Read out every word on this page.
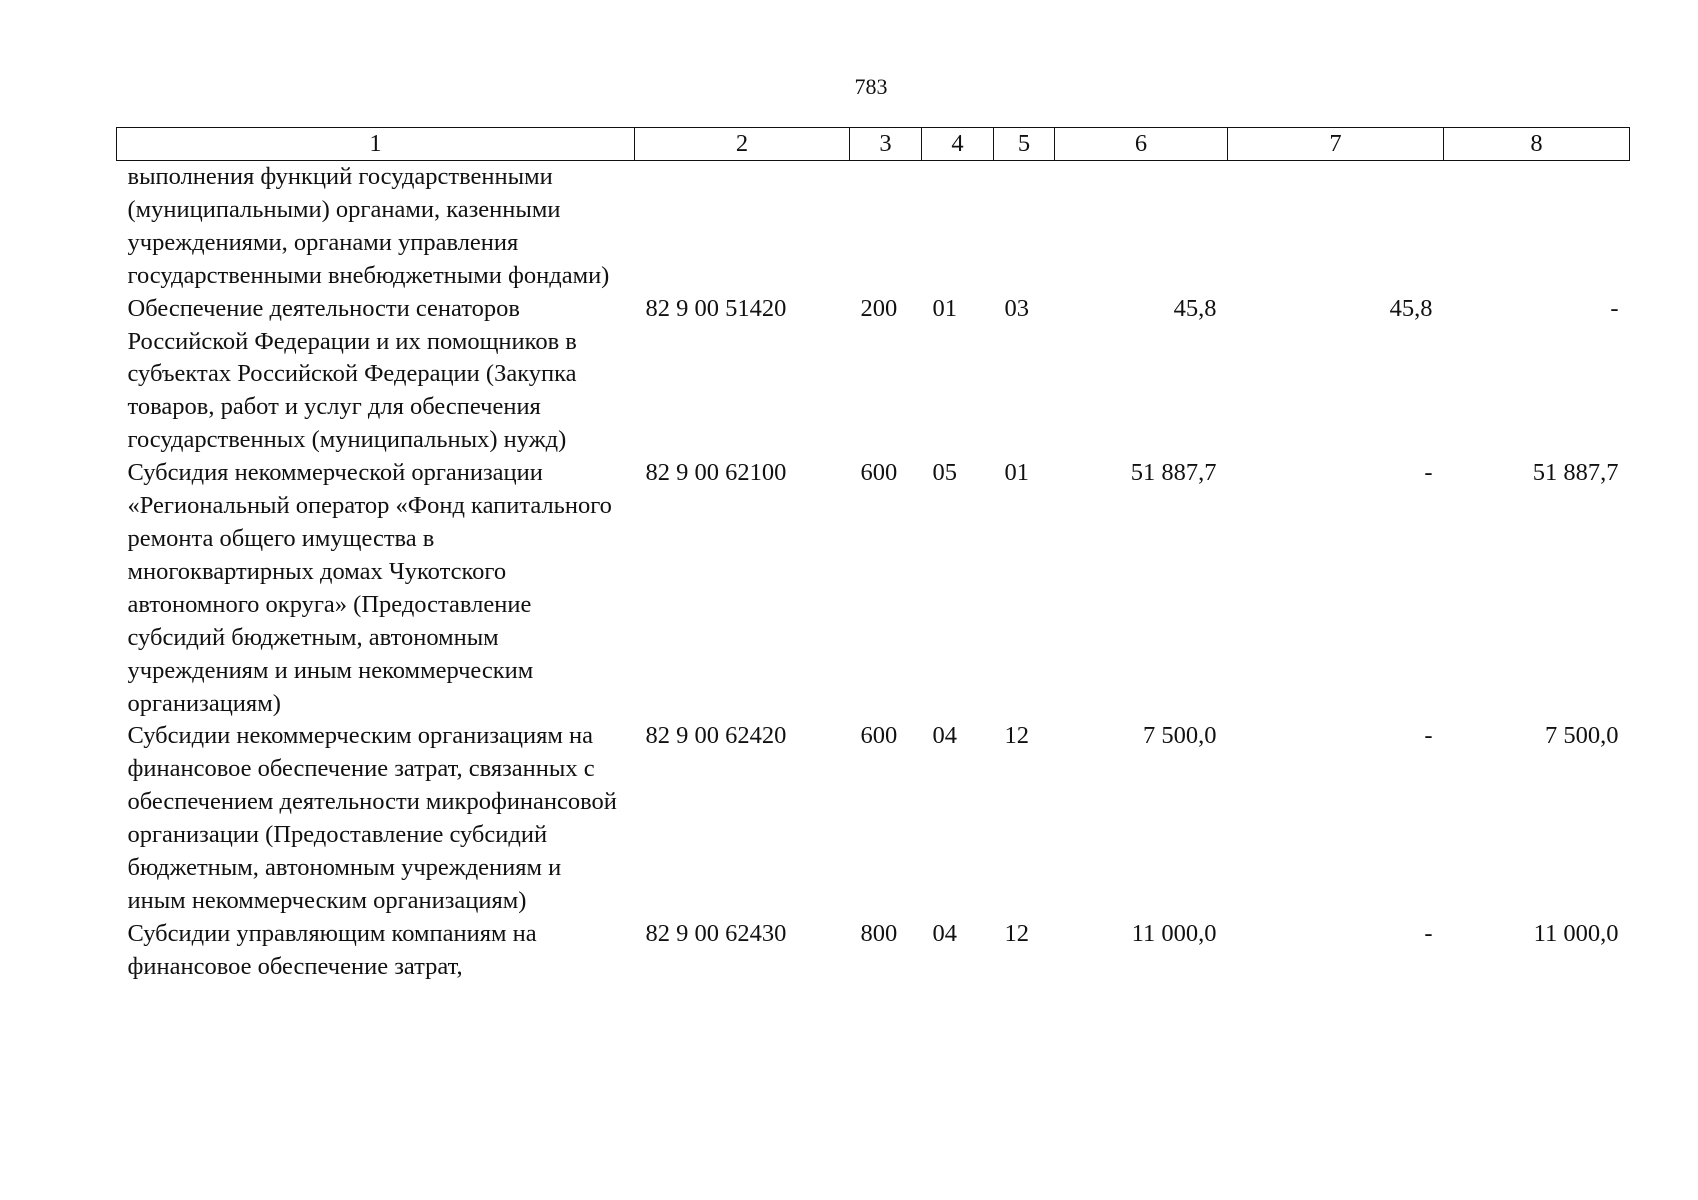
783
1	2	3	4	5	6	7	8
выполнения функций государственными (муниципальными) органами, казенными учреждениями, органами управления государственными внебюджетными фондами)							
Обеспечение деятельности сенаторов Российской Федерации и их помощников в субъектах Российской Федерации (Закупка товаров, работ и услуг для обеспечения государственных (муниципальных) нужд)	82 9 00 51420	200	01	03	45,8	45,8	-
Субсидия некоммерческой организации «Региональный оператор «Фонд капитального ремонта общего имущества в многоквартирных домах Чукотского автономного округа» (Предоставление субсидий бюджетным, автономным учреждениям и иным некоммерческим организациям)	82 9 00 62100	600	05	01	51 887,7	-	51 887,7
Субсидии некоммерческим организациям на финансовое обеспечение затрат, связанных с обеспечением деятельности микрофинансовой организации (Предоставление субсидий бюджетным, автономным учреждениям и иным некоммерческим организациям)	82 9 00 62420	600	04	12	7 500,0	-	7 500,0
Субсидии управляющим компаниям на финансовое обеспечение затрат,	82 9 00 62430	800	04	12	11 000,0	-	11 000,0
